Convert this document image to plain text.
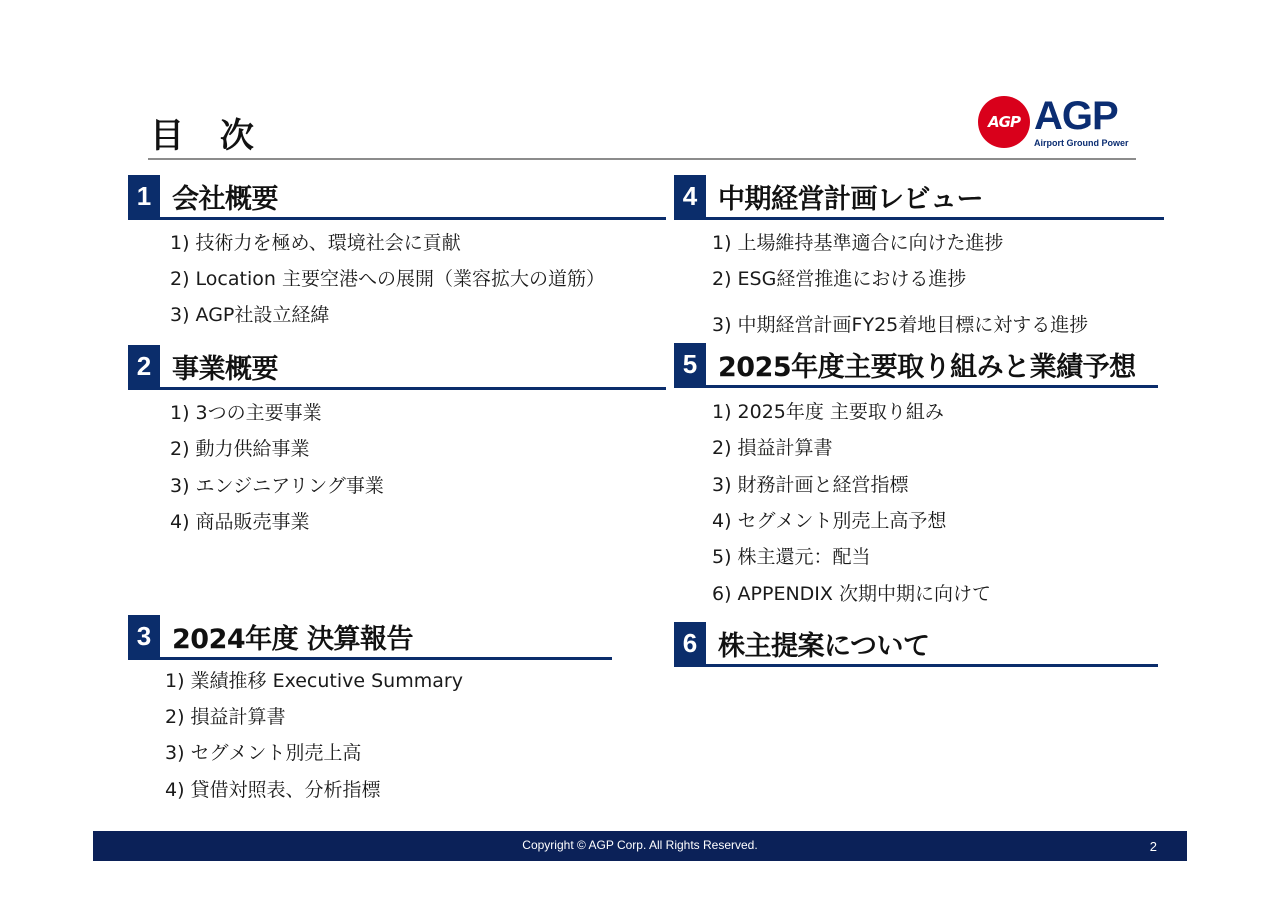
目 次	AGP AGP
Airport Ground Power
1 会社概要
1) 技術力を極め、環境社会に貢献
2) Location 主要空港への展開（業容拡大の道筋）
3) AGP社設立経緯
2 事業概要
1) 3つの主要事業
2) 動力供給事業
3) エンジニアリング事業
4) 商品販売事業
3 2024年度 決算報告
1) 業績推移 Executive Summary
2) 損益計算書
3) セグメント別売上高
4) 貸借対照表、分析指標
4 中期経営計画レビュー
1) 上場維持基準適合に向けた進捗
2) ESG経営推進における進捗
3) 中期経営計画FY25着地目標に対する進捗
5 2025年度主要取り組みと業績予想
1) 2025年度 主要取り組み
2) 損益計算書
3) 財務計画と経営指標
4) セグメント別売上高予想
5) 株主還元：配当
6) APPENDIX 次期中期に向けて
6 株主提案について
Copyright © AGP Corp. All Rights Reserved.	2
